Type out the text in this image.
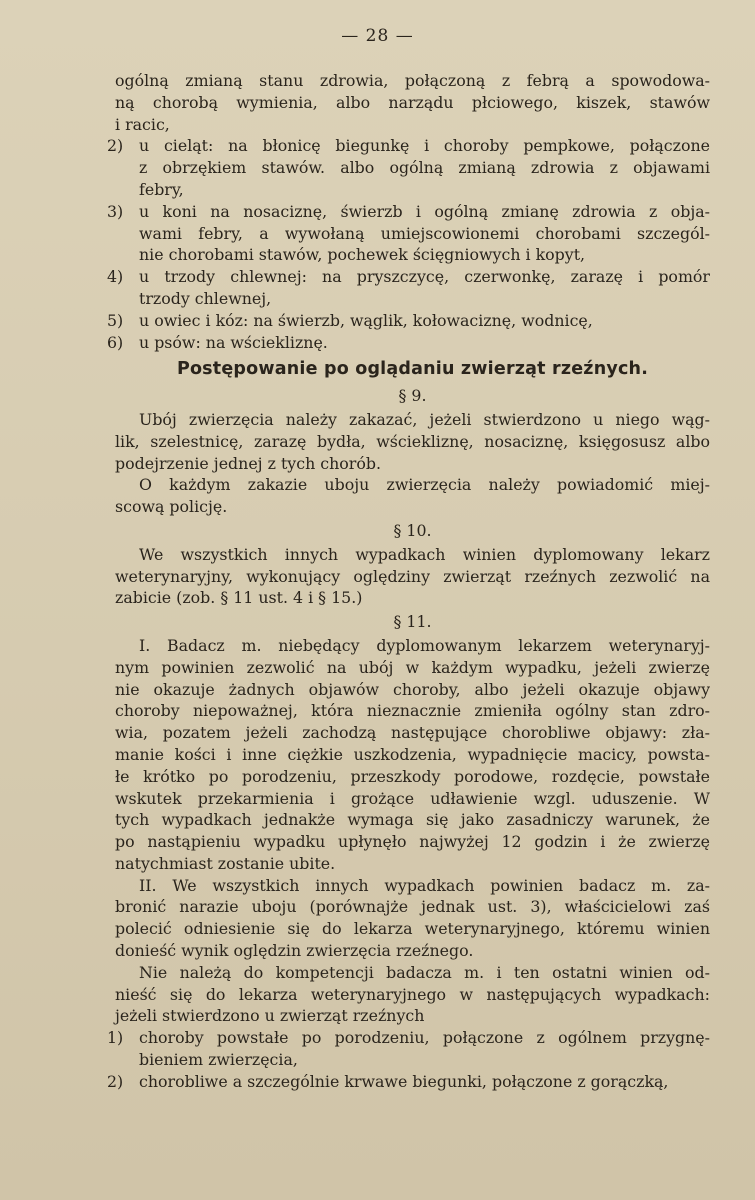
— 28 —
ogólną zmianą stanu zdrowia, połączoną z febrą a spowodowa-
ną chorobą wymienia, albo narządu płciowego, kiszek, stawów
i racic,
2) u cieląt: na błonicę biegunkę i choroby pempkowe, połączone
z obrzękiem stawów. albo ogólną zmianą zdrowia z objawami
febry,
3) u koni na nosaciznę, świerzb i ogólną zmianę zdrowia z obja-
wami febry, a wywołaną umiejscowionemi chorobami szczegól-
nie chorobami stawów, pochewek ścięgniowych i kopyt,
4) u trzody chlewnej: na pryszczycę, czerwonkę, zarazę i pomór
trzody chlewnej,
5) u owiec i kóz: na świerzb, wąglik, kołowaciznę, wodnicę,
6) u psów: na wściekliznę.
Postępowanie po oglądaniu zwierząt rzeźnych.
§ 9.
Ubój zwierzęcia należy zakazać, jeżeli stwierdzono u niego wąg-
lik, szelestnicę, zarazę bydła, wściekliznę, nosaciznę, księgosusz albo
podejrzenie jednej z tych chorób.
O każdym zakazie uboju zwierzęcia należy powiadomić miej-
scową policję.
§ 10.
We wszystkich innych wypadkach winien dyplomowany lekarz
weterynaryjny, wykonujący oględziny zwierząt rzeźnych zezwolić na
zabicie (zob. § 11 ust. 4 i § 15.)
§ 11.
I. Badacz m. niebędący dyplomowanym lekarzem weterynaryj-
nym powinien zezwolić na ubój w każdym wypadku, jeżeli zwierzę
nie okazuje żadnych objawów choroby, albo jeżeli okazuje objawy
choroby niepoważnej, która nieznacznie zmieniła ogólny stan zdro-
wia, pozatem jeżeli zachodzą następujące chorobliwe objawy: zła-
manie kości i inne ciężkie uszkodzenia, wypadnięcie macicy, powsta-
łe krótko po porodzeniu, przeszkody porodowe, rozdęcie, powstałe
wskutek przekarmienia i grożące udławienie wzgl. uduszenie. W
tych wypadkach jednakże wymaga się jako zasadniczy warunek, że
po nastąpieniu wypadku upłynęło najwyżej 12 godzin i że zwierzę
natychmiast zostanie ubite.
II. We wszystkich innych wypadkach powinien badacz m. za-
bronić narazie uboju (porównajże jednak ust. 3), właścicielowi zaś
polecić odniesienie się do lekarza weterynaryjnego, któremu winien
donieść wynik oględzin zwierzęcia rzeźnego.
Nie należą do kompetencji badacza m. i ten ostatni winien od-
nieść się do lekarza weterynaryjnego w następujących wypadkach:
jeżeli stwierdzono u zwierząt rzeźnych
1) choroby powstałe po porodzeniu, połączone z ogólnem przygnę-
bieniem zwierzęcia,
2) chorobliwe a szczególnie krwawe biegunki, połączone z gorączką,
